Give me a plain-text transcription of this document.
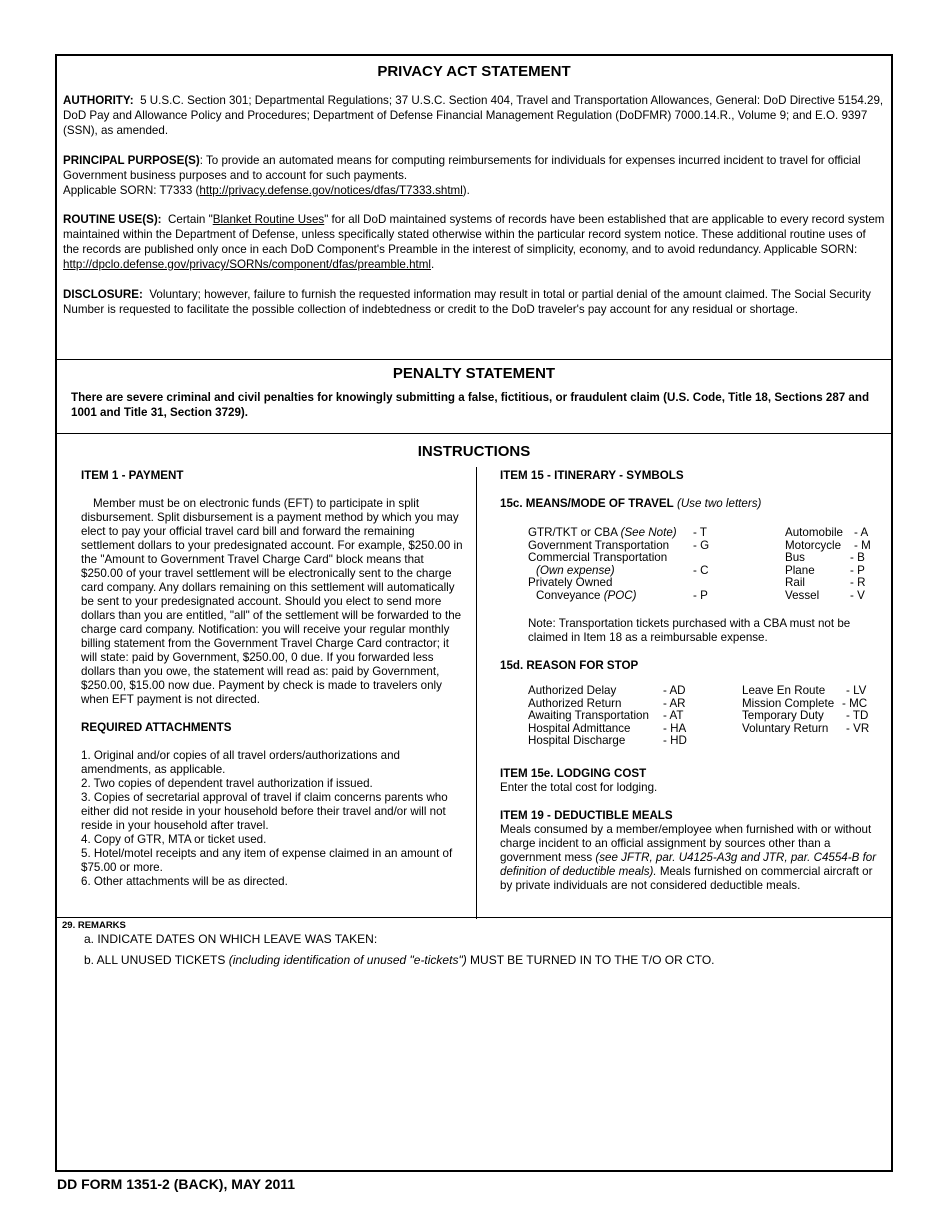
PRIVACY ACT STATEMENT
AUTHORITY: 5 U.S.C. Section 301; Departmental Regulations; 37 U.S.C. Section 404, Travel and Transportation Allowances, General: DoD Directive 5154.29, DoD Pay and Allowance Policy and Procedures; Department of Defense Financial Management Regulation (DoDFMR) 7000.14.R., Volume 9; and E.O. 9397 (SSN), as amended.
PRINCIPAL PURPOSE(S): To provide an automated means for computing reimbursements for individuals for expenses incurred incident to travel for official Government business purposes and to account for such payments.
Applicable SORN: T7333 (http://privacy.defense.gov/notices/dfas/T7333.shtml).
ROUTINE USE(S): Certain "Blanket Routine Uses" for all DoD maintained systems of records have been established that are applicable to every record system maintained within the Department of Defense, unless specifically stated otherwise within the particular record system notice. These additional routine uses of the records are published only once in each DoD Component's Preamble in the interest of simplicity, economy, and to avoid redundancy. Applicable SORN: http://dpclo.defense.gov/privacy/SORNs/component/dfas/preamble.html.
DISCLOSURE: Voluntary; however, failure to furnish the requested information may result in total or partial denial of the amount claimed. The Social Security Number is requested to facilitate the possible collection of indebtedness or credit to the DoD traveler's pay account for any residual or shortage.
PENALTY STATEMENT
There are severe criminal and civil penalties for knowingly submitting a false, fictitious, or fraudulent claim (U.S. Code, Title 18, Sections 287 and 1001 and Title 31, Section 3729).
INSTRUCTIONS
ITEM 1 - PAYMENT
Member must be on electronic funds (EFT) to participate in split disbursement. Split disbursement is a payment method by which you may elect to pay your official travel card bill and forward the remaining settlement dollars to your predesignated account. For example, $250.00 in the "Amount to Government Travel Charge Card" block means that $250.00 of your travel settlement will be electronically sent to the charge card company. Any dollars remaining on this settlement will automatically be sent to your predesignated account. Should you elect to send more dollars than you are entitled, "all" of the settlement will be forwarded to the charge card company. Notification: you will receive your regular monthly billing statement from the Government Travel Charge Card contractor; it will state: paid by Government, $250.00, 0 due. If you forwarded less dollars than you owe, the statement will read as: paid by Government, $250.00, $15.00 now due. Payment by check is made to travelers only when EFT payment is not directed.
REQUIRED ATTACHMENTS
1. Original and/or copies of all travel orders/authorizations and amendments, as applicable.
2. Two copies of dependent travel authorization if issued.
3. Copies of secretarial approval of travel if claim concerns parents who either did not reside in your household before their travel and/or will not reside in your household after travel.
4. Copy of GTR, MTA or ticket used.
5. Hotel/motel receipts and any item of expense claimed in an amount of $75.00 or more.
6. Other attachments will be as directed.
ITEM 15 - ITINERARY - SYMBOLS
15c. MEANS/MODE OF TRAVEL (Use two letters)
GTR/TKT or CBA (See Note) - T
Government Transportation - G
Commercial Transportation
(Own expense)	- C
Privately Owned
Conveyance (POC)	- P
Automobile - A
Motorcycle - M
Bus	- B
Plane	- P
Rail	- R
Vessel	- V
Note: Transportation tickets purchased with a CBA must not be claimed in Item 18 as a reimbursable expense.
15d. REASON FOR STOP
Authorized Delay	- AD
Authorized Return	- AR
Awaiting Transportation - AT
Hospital Admittance	- HA
Hospital Discharge	- HD
Leave En Route - LV
Mission Complete - MC
Temporary Duty - TD
Voluntary Return - VR
ITEM 15e. LODGING COST
Enter the total cost for lodging.
ITEM 19 - DEDUCTIBLE MEALS
Meals consumed by a member/employee when furnished with or without charge incident to an official assignment by sources other than a government mess (see JFTR, par. U4125-A3g and JTR, par. C4554-B for definition of deductible meals). Meals furnished on commercial aircraft or by private individuals are not considered deductible meals.
29. REMARKS
a. INDICATE DATES ON WHICH LEAVE WAS TAKEN:
b. ALL UNUSED TICKETS (including identification of unused "e-tickets") MUST BE TURNED IN TO THE T/O OR CTO.
DD FORM 1351-2 (BACK), MAY 2011
